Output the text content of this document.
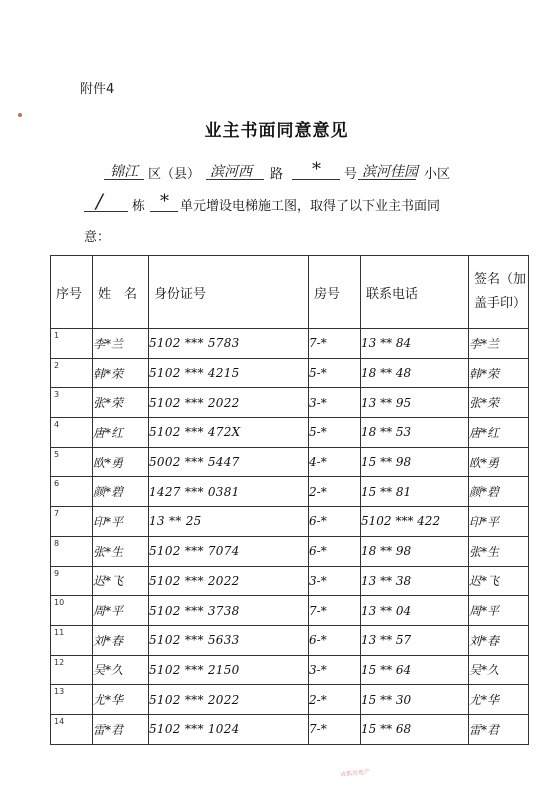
附件4
业主书面同意意见
锦江 区（县） 滨河西 路 * 号 滨河佳园 小区
/ 栋 * 单元增设电梯施工图，取得了以下业主书面同
意：
序号	姓　名	身份证号	房号	联系电话	签名（加盖手印）

1	李*兰	5102 *** 5783	7-*	13 ** 84	李*兰

2	韩*荣	5102 *** 4215	5-*	18 ** 48	韩*荣

3	张*荣	5102 *** 2022	3-*	13 ** 95	张*荣

4	唐*红	5102 *** 472X	5-*	18 ** 53	唐*红

5	欧*勇	5002 *** 5447	4-*	15 ** 98	欧*勇

6	颜*碧	1427 *** 0381	2-*	15 ** 81	颜*碧

7	印*平	13 ** 25	6-*	5102 *** 422	印*平

8	张*生	5102 *** 7074	6-*	18 ** 98	张*生

9	迟*飞	5102 *** 2022	3-*	13 ** 38	迟*飞

10	周*平	5102 *** 3738	7-*	13 ** 04	周*平

11	刘*春	5102 *** 5633	6-*	13 ** 57	刘*春

12	吴*久	5102 *** 2150	3-*	15 ** 64	吴*久

13	尤*华	5102 *** 2022	2-*	15 ** 30	尤*华

14	雷*君	5102 *** 1024	7-*	15 ** 68	雷*君
成都房地产
